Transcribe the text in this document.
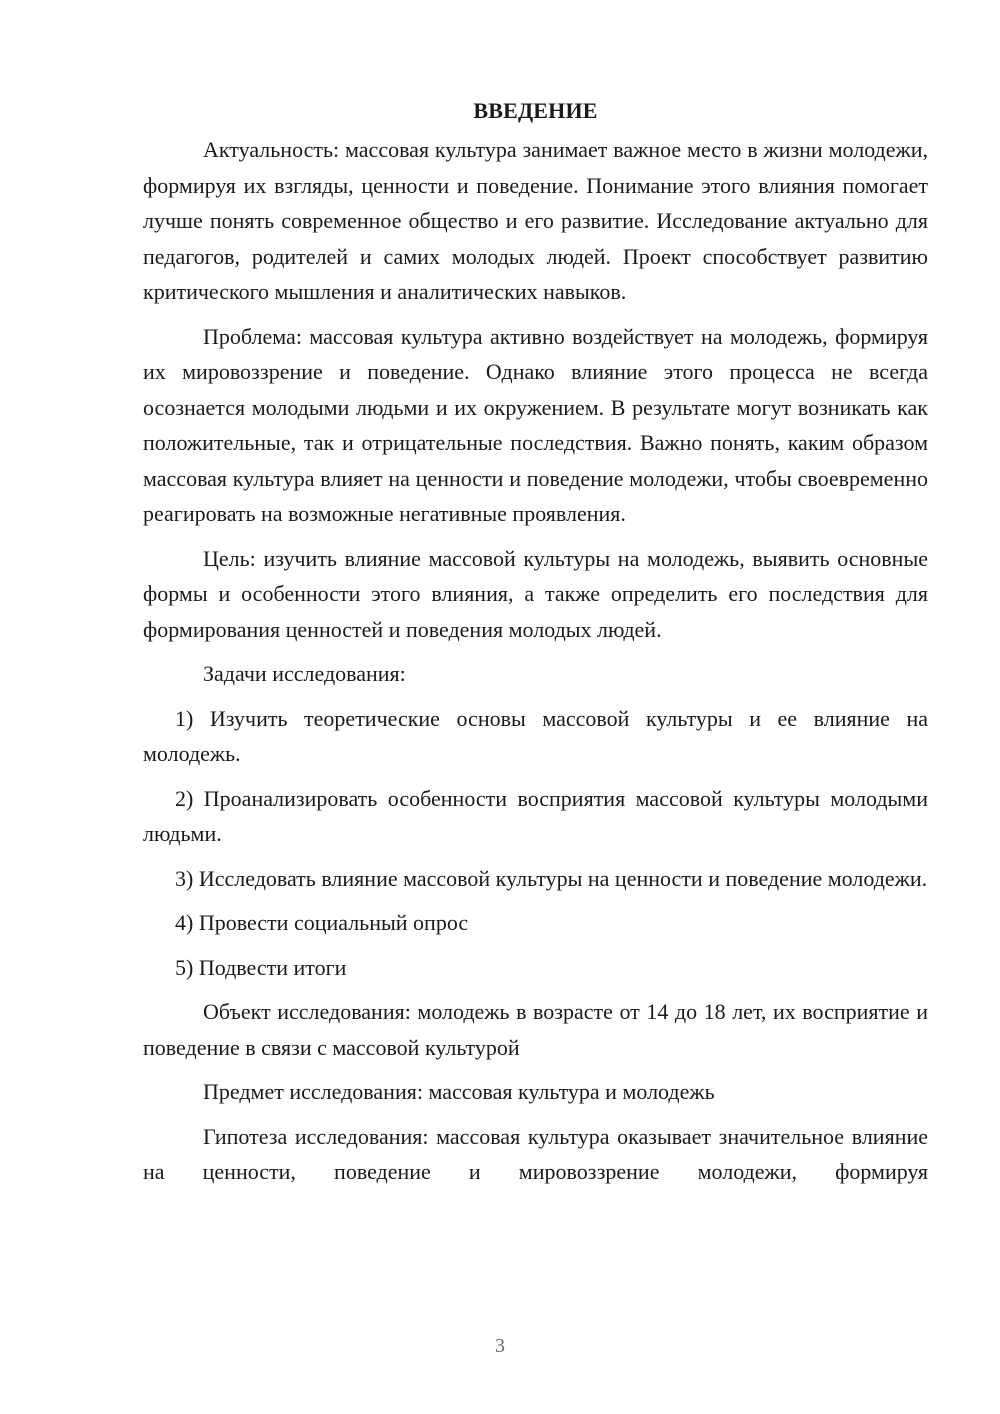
ВВЕДЕНИЕ

Актуальность: массовая культура занимает важное место в жизни молодежи, формируя их взгляды, ценности и поведение. Понимание этого влияния помогает лучше понять современное общество и его развитие. Исследование актуально для педагогов, родителей и самих молодых людей. Проект способствует развитию критического мышления и аналитических навыков.

Проблема: массовая культура активно воздействует на молодежь, формируя их мировоззрение и поведение. Однако влияние этого процесса не всегда осознается молодыми людьми и их окружением. В результате могут возникать как положительные, так и отрицательные последствия. Важно понять, каким образом массовая культура влияет на ценности и поведение молодежи, чтобы своевременно реагировать на возможные негативные проявления.

Цель: изучить влияние массовой культуры на молодежь, выявить основные формы и особенности этого влияния, а также определить его последствия для формирования ценностей и поведения молодых людей.

Задачи исследования:

1) Изучить теоретические основы массовой культуры и ее влияние на молодежь.

2) Проанализировать особенности восприятия массовой культуры молодыми людьми.

3) Исследовать влияние массовой культуры на ценности и поведение молодежи.

4) Провести социальный опрос

5) Подвести итоги

Объект исследования: молодежь в возрасте от 14 до 18 лет, их восприятие и поведение в связи с массовой культурой

Предмет исследования: массовая культура и молодежь

Гипотеза исследования: массовая культура оказывает значительное влияние на ценности, поведение и мировоззрение молодежи, формируя

3
